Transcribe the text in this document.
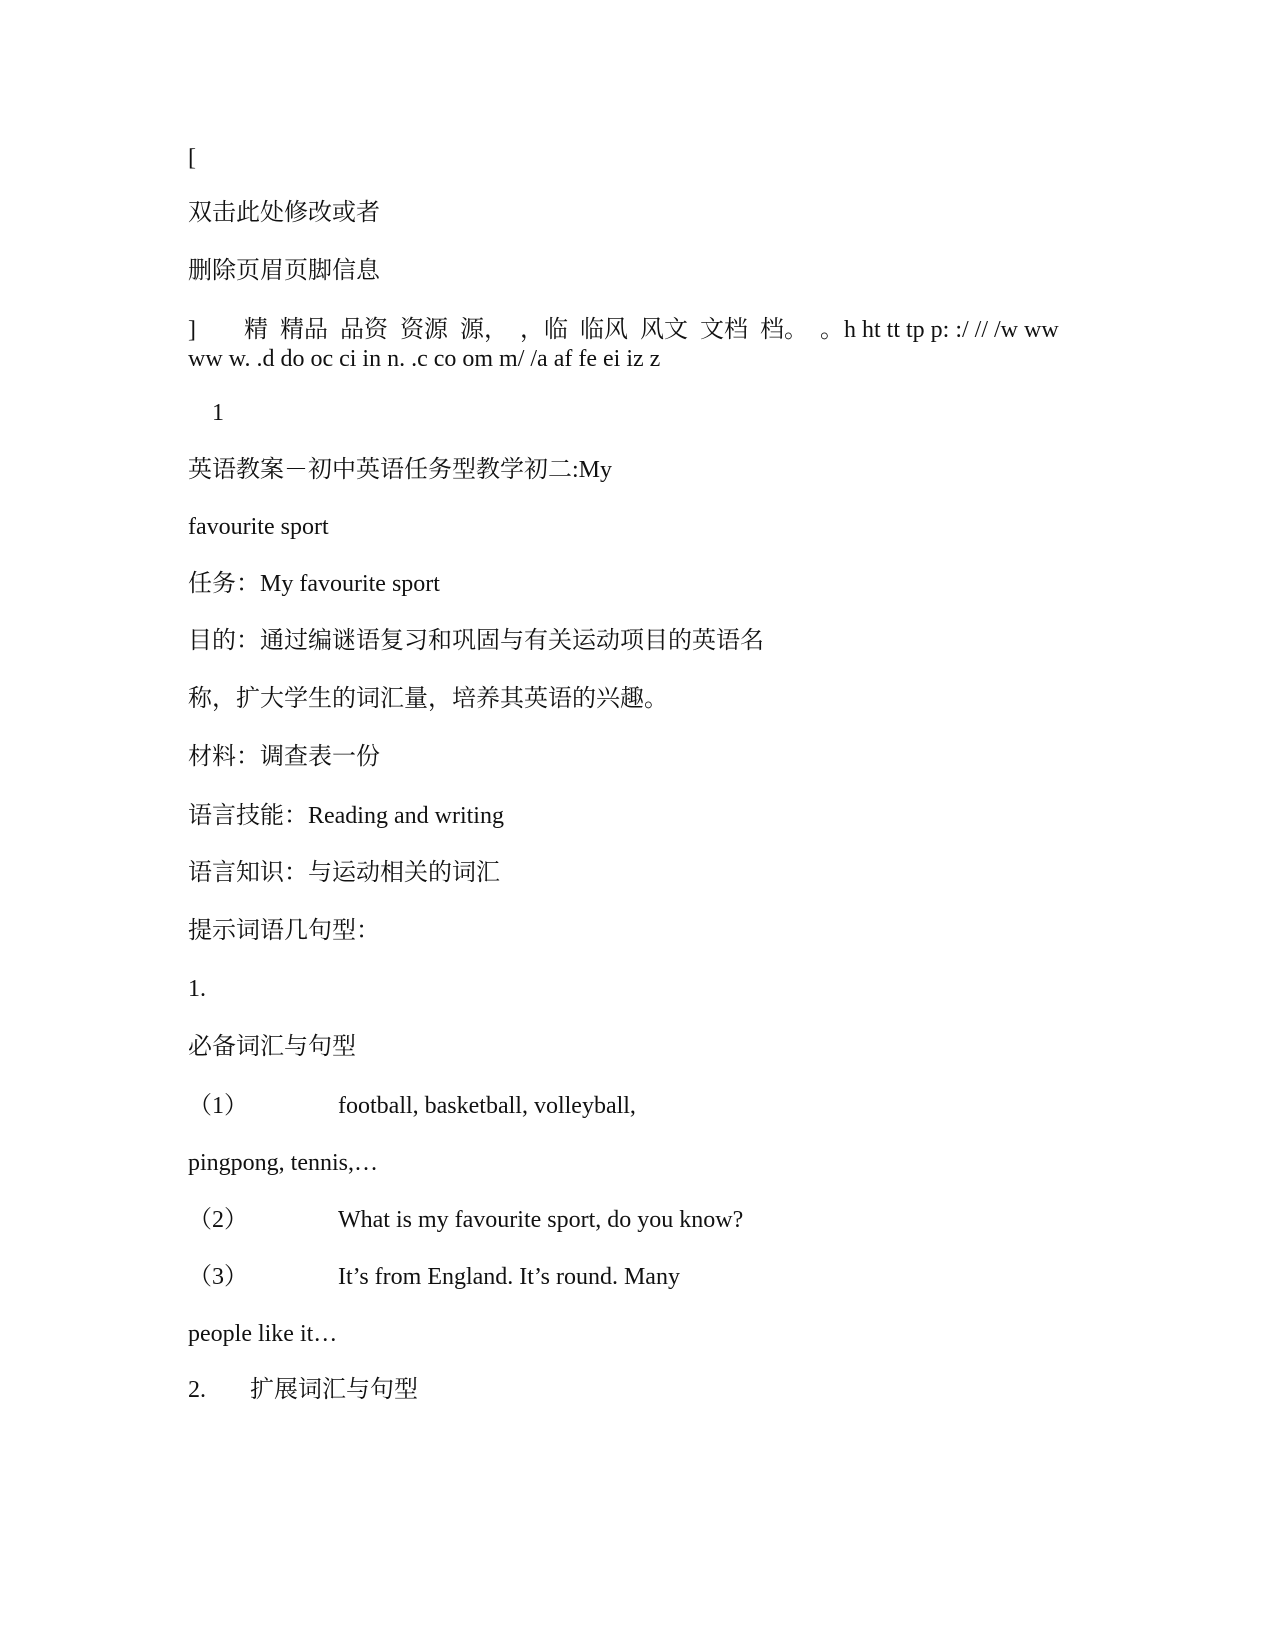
[
双击此处修改或者
删除页眉页脚信息
]        精  精品  品资  资源  源，  ，临  临风  风文  文档  档。  。h ht tt tp p: :/ // /w ww
ww w. .d do oc ci in n. .c co om m/ /a af fe ei iz z
1
英语教案－初中英语任务型教学初二:My
favourite sport
任务：My favourite sport
目的：通过编谜语复习和巩固与有关运动项目的英语名
称，扩大学生的词汇量，培养其英语的兴趣。
材料：调查表一份
语言技能：Reading and writing
语言知识：与运动相关的词汇
提示词语几句型：
1.
必备词汇与句型
（1）	football, basketball, volleyball,
pingpong, tennis,…
（2）	What is my favourite sport, do you know?
（3）	It’s from England. It’s round. Many
people like it…
2. 扩展词汇与句型
